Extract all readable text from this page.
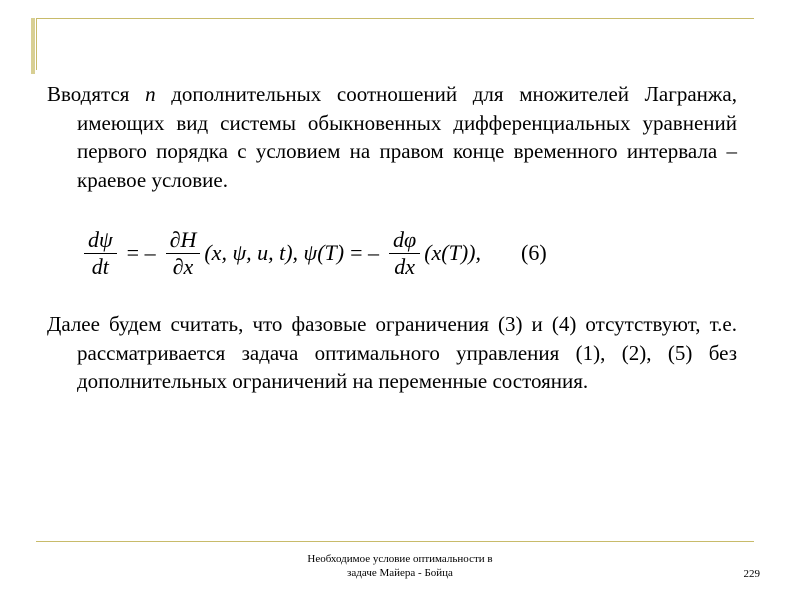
Вводятся n дополнительных соотношений для множителей Лагранжа, имеющих вид системы обыкновенных дифференциальных уравнений первого порядка с условием на правом конце временного интервала – краевое условие.
$\frac{d\psi}{dt}$ = – $\frac{\partial H}{\partial x} (x$, ψ, u, t), ψ(T) = – $\frac{d\varphi}{dx} (x(T))$, (6)
Далее будем считать, что фазовые ограничения (3) и (4) отсутствуют, т.е. рассматривается задача оптимального управления (1), (2), (5) без дополнительных ограничений на переменные состояния.
Необходимое условие оптимальности в
задаче Майера - Бойца	229
